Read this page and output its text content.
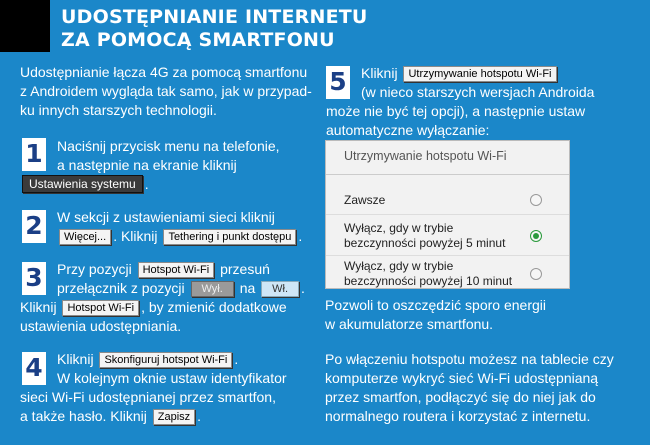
UDOSTĘPNIANIE INTERNETU
ZA POMOCĄ SMARTFONU
Udostępnianie łącza 4G za pomocą smartfonu
z Androidem wygląda tak samo, jak w przypad-
ku innych starszych technologii.
1 Naciśnij przycisk menu na telefonie,
a następnie na ekranie kliknij
Ustawienia systemu .
2 W sekcji z ustawieniami sieci kliknij
Więcej... . Kliknij Tethering i punkt dostępu .
3 Przy pozycji Hotspot Wi-Fi przesuń
przełącznik z pozycji Wył. na Wł. .
Kliknij Hotspot Wi-Fi , by zmienić dodatkowe
ustawienia udostępniania.
4 Kliknij Skonfiguruj hotspot Wi-Fi .
W kolejnym oknie ustaw identyfikator
sieci Wi-Fi udostępnianej przez smartfon,
a także hasło. Kliknij Zapisz .
5 Kliknij Utrzymywanie hotspotu Wi-Fi
(w nieco starszych wersjach Androida
może nie być tej opcji), a następnie ustaw
automatyczne wyłączanie:
Utrzymywanie hotspotu Wi-Fi
Zawsze
Wyłącz, gdy w trybie
bezczynności powyżej 5 minut
Wyłącz, gdy w trybie
bezczynności powyżej 10 minut
Pozwoli to oszczędzić sporo energii
w akumulatorze smartfonu.
Po włączeniu hotspotu możesz na tablecie czy
komputerze wykryć sieć Wi-Fi udostępnianą
przez smartfon, podłączyć się do niej jak do
normalnego routera i korzystać z internetu.
